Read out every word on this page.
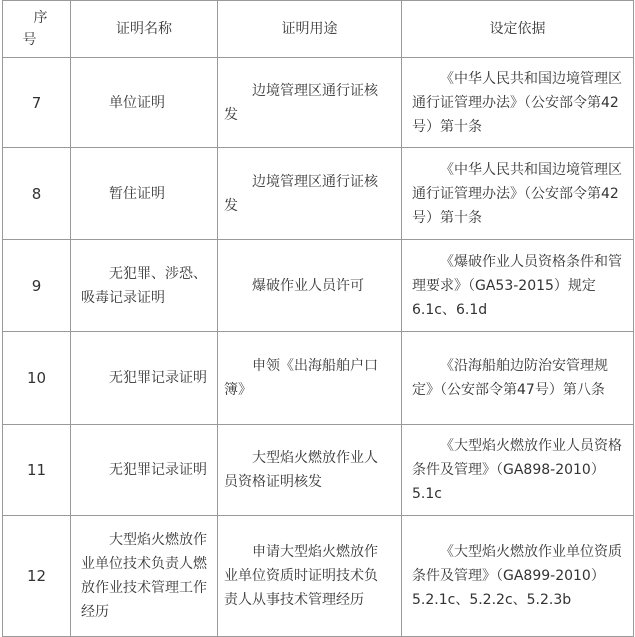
序
号	证明名称	证明用途	设定依据
7	单位证明	边境管理区通行证核发	《中华人民共和国边境管理区通行证管理办法》（公安部令第42号）第十条

8	暂住证明	边境管理区通行证核发	《中华人民共和国边境管理区通行证管理办法》（公安部令第42号）第十条

9	无犯罪、涉恐、吸毒记录证明	爆破作业人员许可	《爆破作业人员资格条件和管理要求》（GA53-2015）规定6.1c、6.1d

10	无犯罪记录证明	申领《出海船舶户口簿》	《沿海船舶边防治安管理规定》（公安部令第47号）第八条

11	无犯罪记录证明	大型焰火燃放作业人员资格证明核发	《大型焰火燃放作业人员资格条件及管理》（GA898-2010）5.1c

12	大型焰火燃放作业单位技术负责人燃放作业技术管理工作经历	申请大型焰火燃放作业单位资质时证明技术负责人从事技术管理经历	《大型焰火燃放作业单位资质条件及管理》（GA899-2010）5.2.1c、5.2.2c、5.2.3b
